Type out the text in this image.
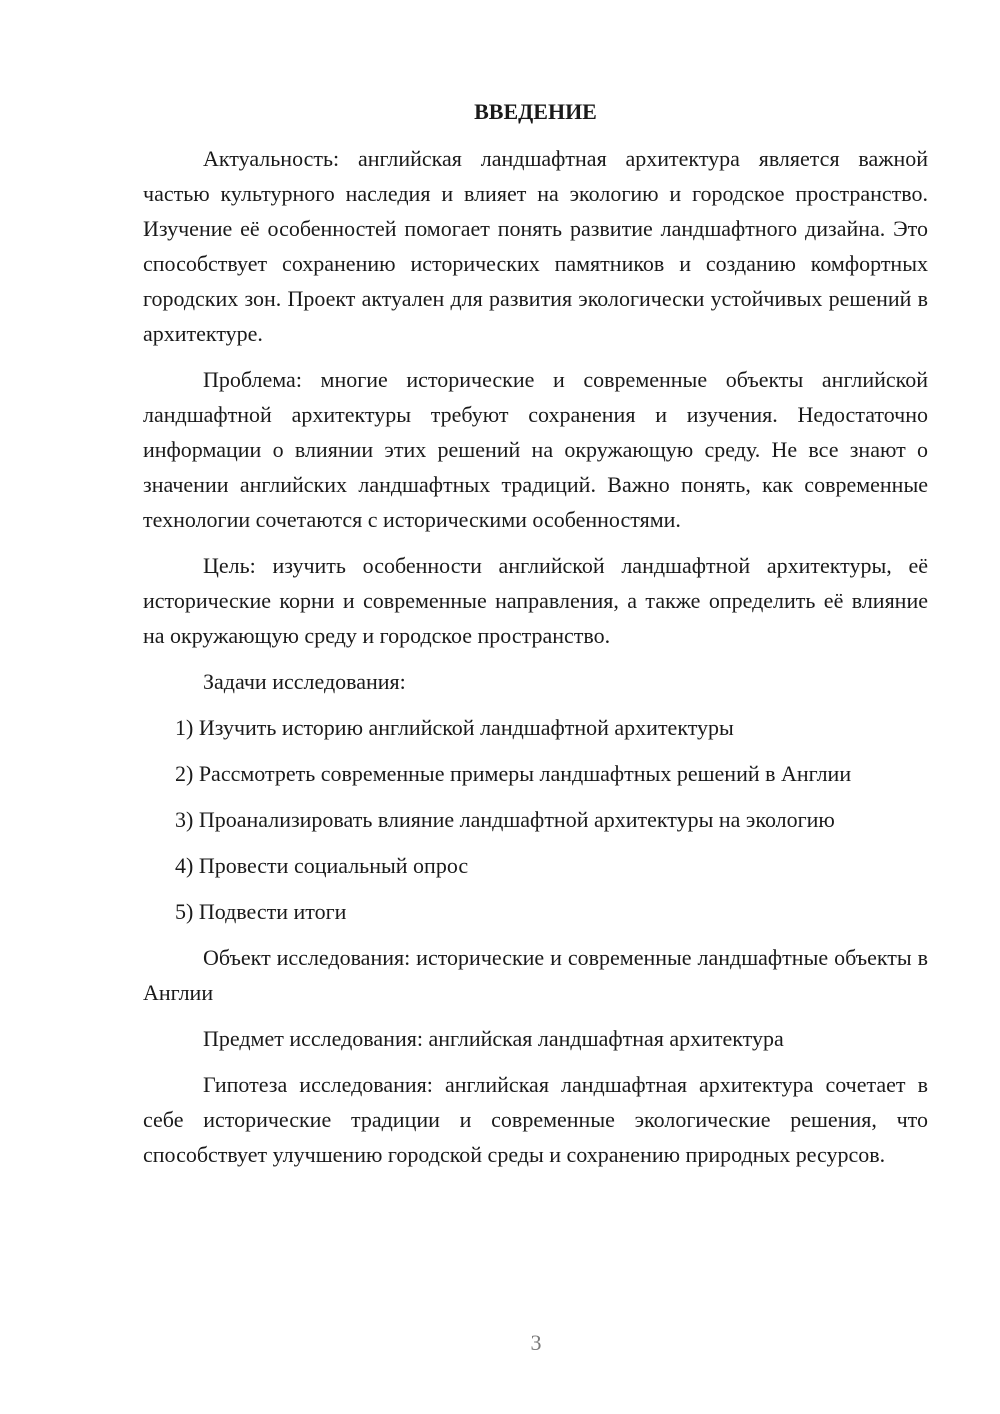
ВВЕДЕНИЕ

Актуальность: английская ландшафтная архитектура является важной частью культурного наследия и влияет на экологию и городское пространство. Изучение её особенностей помогает понять развитие ландшафтного дизайна. Это способствует сохранению исторических памятников и созданию комфортных городских зон. Проект актуален для развития экологически устойчивых решений в архитектуре.

Проблема: многие исторические и современные объекты английской ландшафтной архитектуры требуют сохранения и изучения. Недостаточно информации о влиянии этих решений на окружающую среду. Не все знают о значении английских ландшафтных традиций. Важно понять, как современные технологии сочетаются с историческими особенностями.

Цель: изучить особенности английской ландшафтной архитектуры, её исторические корни и современные направления, а также определить её влияние на окружающую среду и городское пространство.

Задачи исследования:

1) Изучить историю английской ландшафтной архитектуры

2) Рассмотреть современные примеры ландшафтных решений в Англии

3) Проанализировать влияние ландшафтной архитектуры на экологию

4) Провести социальный опрос

5) Подвести итоги

Объект исследования: исторические и современные ландшафтные объекты в Англии

Предмет исследования: английская ландшафтная архитектура

Гипотеза исследования: английская ландшафтная архитектура сочетает в себе исторические традиции и современные экологические решения, что способствует улучшению городской среды и сохранению природных ресурсов.

3
